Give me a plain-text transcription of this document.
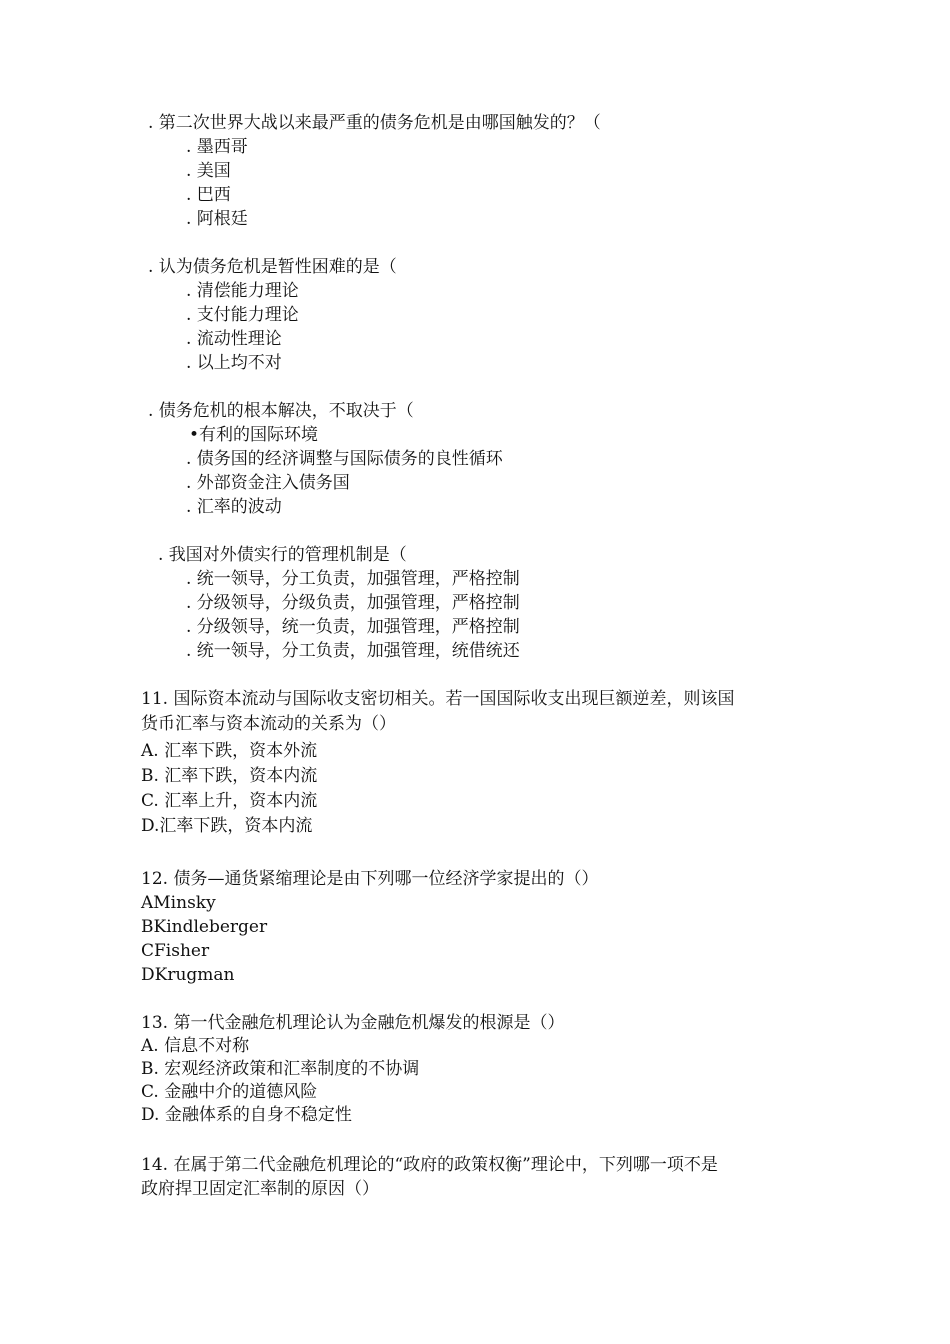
. 第二次世界大战以来最严重的债务危机是由哪国触发的？（
. 墨西哥
. 美国
. 巴西
. 阿根廷
. 认为债务危机是暂性困难的是（
. 清偿能力理论
. 支付能力理论
. 流动性理论
. 以上均不对
. 债务危机的根本解决，不取决于（
•有利的国际环境
. 债务国的经济调整与国际债务的良性循环
. 外部资金注入债务国
. 汇率的波动
. 我国对外债实行的管理机制是（
. 统一领导，分工负责，加强管理，严格控制
. 分级领导，分级负责，加强管理，严格控制
. 分级领导，统一负责，加强管理，严格控制
. 统一领导，分工负责，加强管理，统借统还
11. 国际资本流动与国际收支密切相关。若一国国际收支出现巨额逆差，则该国
货币汇率与资本流动的关系为（）
A. 汇率下跌，资本外流
B. 汇率下跌，资本内流
C. 汇率上升，资本内流
D.汇率下跌，资本内流
12. 债务—通货紧缩理论是由下列哪一位经济学家提出的（）
AMinsky
BKindleberger
CFisher
DKrugman
13. 第一代金融危机理论认为金融危机爆发的根源是（）
A. 信息不对称
B. 宏观经济政策和汇率制度的不协调
C. 金融中介的道德风险
D. 金融体系的自身不稳定性
14. 在属于第二代金融危机理论的“政府的政策权衡”理论中，下列哪一项不是
政府捍卫固定汇率制的原因（）
